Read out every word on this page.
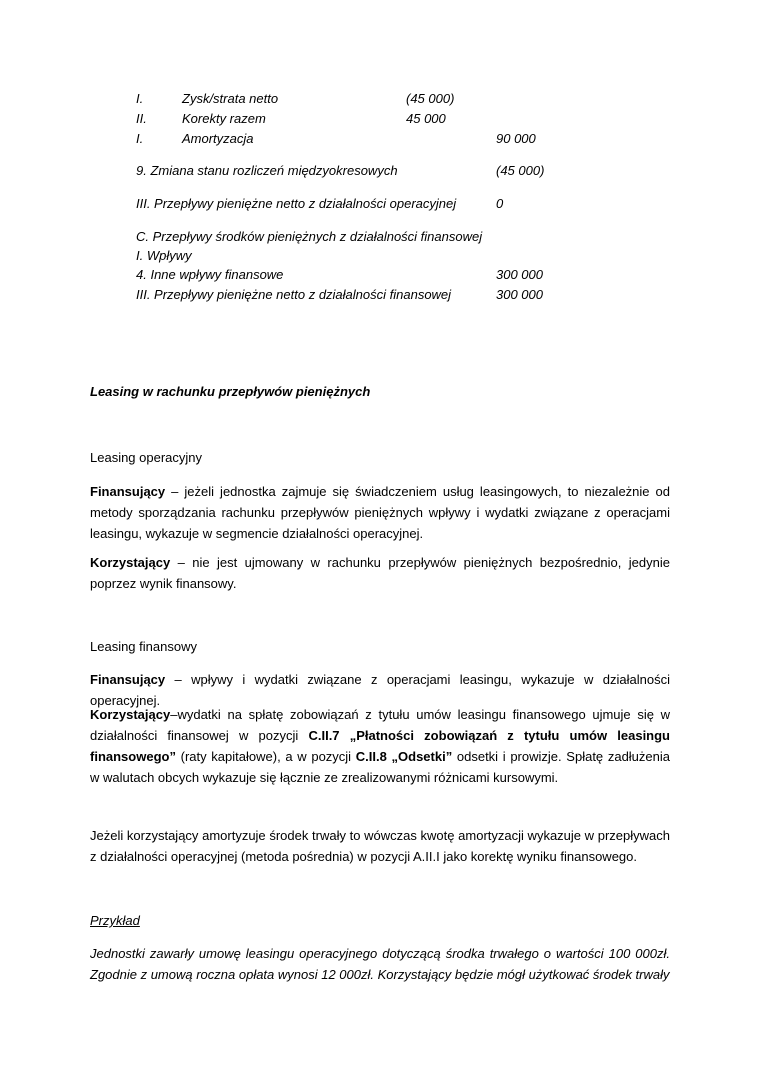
I.	Zysk/strata netto	(45 000)
II.	Korekty razem	45 000
I.	Amortyzacja	90 000
9. Zmiana stanu rozliczeń międzyokresowych	(45 000)
III. Przepływy pieniężne netto z działalności operacyjnej	0
C. Przepływy środków pieniężnych z działalności finansowej
I. Wpływy
4. Inne wpływy finansowe	300 000
III. Przepływy pieniężne netto z działalności finansowej	300 000
Leasing w rachunku przepływów pieniężnych
Leasing operacyjny

Finansujący – jeżeli jednostka zajmuje się świadczeniem usług leasingowych, to niezależnie od metody sporządzania rachunku przepływów pieniężnych wpływy i wydatki związane z operacjami leasingu, wykazuje w segmencie działalności operacyjnej.

Korzystający – nie jest ujmowany w rachunku przepływów pieniężnych bezpośrednio, jedynie poprzez wynik finansowy.

Leasing finansowy

Finansujący – wpływy i wydatki związane z operacjami leasingu, wykazuje w działalności operacyjnej.

Korzystający–wydatki na spłatę zobowiązań z tytułu umów leasingu finansowego ujmuje się w działalności finansowej w pozycji C.II.7 „Płatności zobowiązań z tytułu umów leasingu finansowego” (raty kapitałowe), a w pozycji C.II.8 „Odsetki” odsetki i prowizje. Spłatę zadłużenia w walutach obcych wykazuje się łącznie ze zrealizowanymi różnicami kursowymi.

Jeżeli korzystający amortyzuje środek trwały to wówczas kwotę amortyzacji wykazuje w przepływach z działalności operacyjnej (metoda pośrednia) w pozycji A.II.I jako korektę wyniku finansowego.

Przykład

Jednostki zawarły umowę leasingu operacyjnego dotyczącą środka trwałego o wartości 100 000zł. Zgodnie z umową roczna opłata wynosi 12 000zł. Korzystający będzie mógł użytkować środek trwały
